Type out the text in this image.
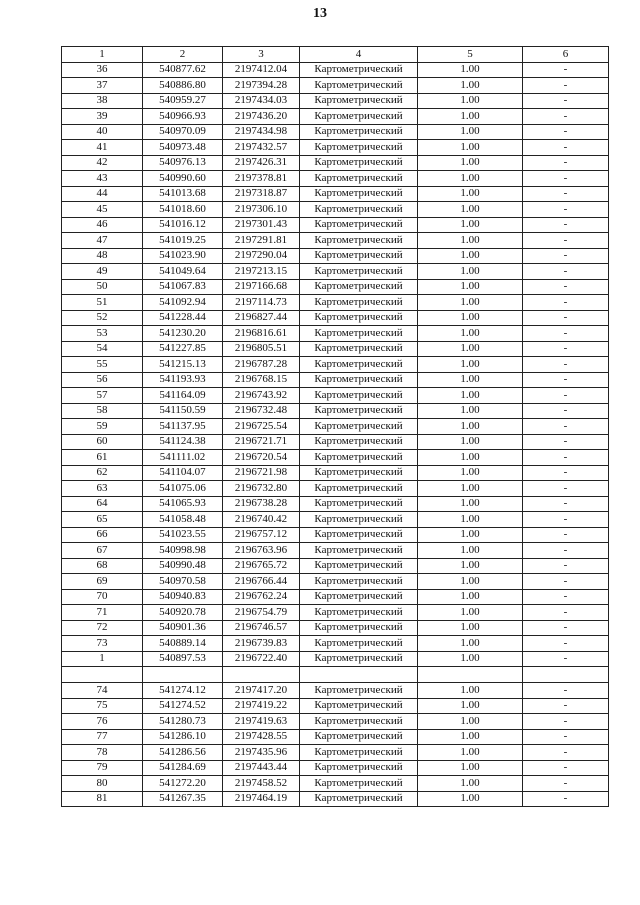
13
1	2	3	4	5	6
36	540877.62	2197412.04	Картометрический	1.00	-
37	540886.80	2197394.28	Картометрический	1.00	-
38	540959.27	2197434.03	Картометрический	1.00	-
39	540966.93	2197436.20	Картометрический	1.00	-
40	540970.09	2197434.98	Картометрический	1.00	-
41	540973.48	2197432.57	Картометрический	1.00	-
42	540976.13	2197426.31	Картометрический	1.00	-
43	540990.60	2197378.81	Картометрический	1.00	-
44	541013.68	2197318.87	Картометрический	1.00	-
45	541018.60	2197306.10	Картометрический	1.00	-
46	541016.12	2197301.43	Картометрический	1.00	-
47	541019.25	2197291.81	Картометрический	1.00	-
48	541023.90	2197290.04	Картометрический	1.00	-
49	541049.64	2197213.15	Картометрический	1.00	-
50	541067.83	2197166.68	Картометрический	1.00	-
51	541092.94	2197114.73	Картометрический	1.00	-
52	541228.44	2196827.44	Картометрический	1.00	-
53	541230.20	2196816.61	Картометрический	1.00	-
54	541227.85	2196805.51	Картометрический	1.00	-
55	541215.13	2196787.28	Картометрический	1.00	-
56	541193.93	2196768.15	Картометрический	1.00	-
57	541164.09	2196743.92	Картометрический	1.00	-
58	541150.59	2196732.48	Картометрический	1.00	-
59	541137.95	2196725.54	Картометрический	1.00	-
60	541124.38	2196721.71	Картометрический	1.00	-
61	541111.02	2196720.54	Картометрический	1.00	-
62	541104.07	2196721.98	Картометрический	1.00	-
63	541075.06	2196732.80	Картометрический	1.00	-
64	541065.93	2196738.28	Картометрический	1.00	-
65	541058.48	2196740.42	Картометрический	1.00	-
66	541023.55	2196757.12	Картометрический	1.00	-
67	540998.98	2196763.96	Картометрический	1.00	-
68	540990.48	2196765.72	Картометрический	1.00	-
69	540970.58	2196766.44	Картометрический	1.00	-
70	540940.83	2196762.24	Картометрический	1.00	-
71	540920.78	2196754.79	Картометрический	1.00	-
72	540901.36	2196746.57	Картометрический	1.00	-
73	540889.14	2196739.83	Картометрический	1.00	-
1	540897.53	2196722.40	Картометрический	1.00	-

74	541274.12	2197417.20	Картометрический	1.00	-
75	541274.52	2197419.22	Картометрический	1.00	-
76	541280.73	2197419.63	Картометрический	1.00	-
77	541286.10	2197428.55	Картометрический	1.00	-
78	541286.56	2197435.96	Картометрический	1.00	-
79	541284.69	2197443.44	Картометрический	1.00	-
80	541272.20	2197458.52	Картометрический	1.00	-
81	541267.35	2197464.19	Картометрический	1.00	-
